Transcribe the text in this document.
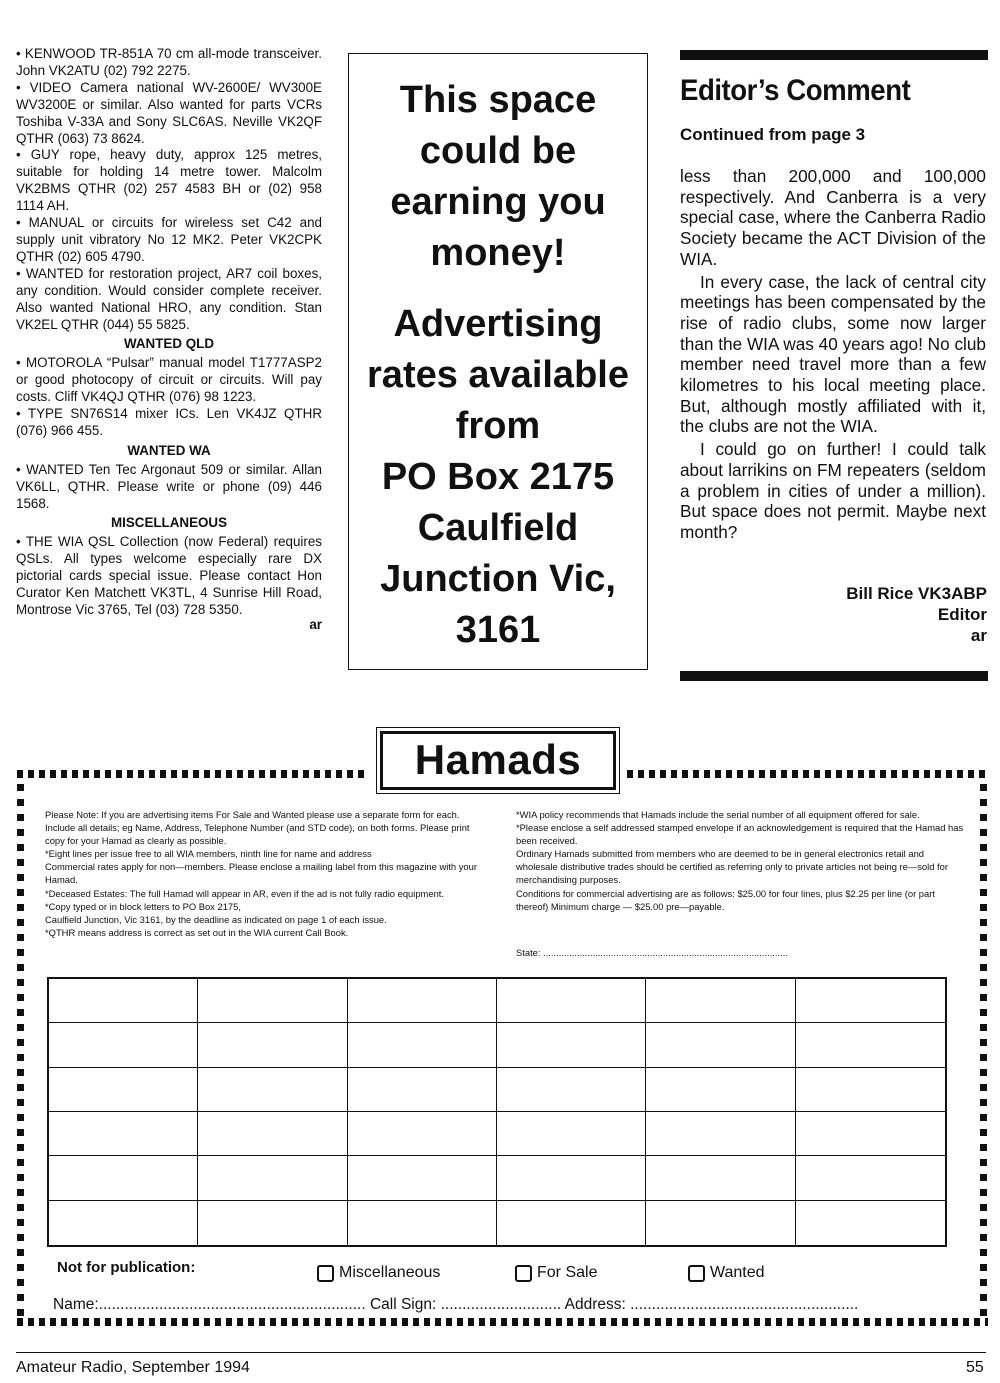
• KENWOOD TR-851A 70 cm all-mode transceiver. John VK2ATU (02) 792 2275.

• VIDEO Camera national WV-2600E/ WV300E WV3200E or similar. Also wanted for parts VCRs Toshiba V-33A and Sony SLC6AS. Neville VK2QF QTHR (063) 73 8624.

• GUY rope, heavy duty, approx 125 metres, suitable for holding 14 metre tower. Malcolm VK2BMS QTHR (02) 257 4583 BH or (02) 958 1114 AH.

• MANUAL or circuits for wireless set C42 and supply unit vibratory No 12 MK2. Peter VK2CPK QTHR (02) 605 4790.

• WANTED for restoration project, AR7 coil boxes, any condition. Would consider complete receiver. Also wanted National HRO, any condition. Stan VK2EL QTHR (044) 55 5825.

WANTED QLD

• MOTOROLA “Pulsar” manual model T1777ASP2 or good photocopy of circuit or circuits. Will pay costs. Cliff VK4QJ QTHR (076) 98 1223.

• TYPE SN76S14 mixer ICs. Len VK4JZ QTHR (076) 966 455.

WANTED WA

• WANTED Ten Tec Argonaut 509 or similar. Allan VK6LL, QTHR. Please write or phone (09) 446 1568.

MISCELLANEOUS

• THE WIA QSL Collection (now Federal) requires QSLs. All types welcome especially rare DX pictorial cards special issue. Please contact Hon Curator Ken Matchett VK3TL, 4 Sunrise Hill Road, Montrose Vic 3765, Tel (03) 728 5350.

ar

This space

could be

earning you

money!

Advertising

rates available

from

PO Box 2175

Caulfield

Junction Vic,

3161

Editor’s Comment
Continued from page 3

less than 200,000 and 100,000 respectively. And Canberra is a very special case, where the Canberra Radio Society became the ACT Division of the WIA.

In every case, the lack of central city meetings has been compensated by the rise of radio clubs, some now larger than the WIA was 40 years ago! No club member need travel more than a few kilometres to his local meeting place. But, although mostly affiliated with it, the clubs are not the WIA.

I could go on further! I could talk about larrikins on FM repeaters (seldom a problem in cities of under a million). But space does not permit. Maybe next month?

Bill Rice VK3ABP
Editor
ar
Hamads

Please Note: If you are advertising items For Sale and Wanted please use a separate form for each. Include all details; eg Name, Address, Telephone Number (and STD code), on both forms. Please print copy for your Hamad as clearly as possible.

*Eight lines per issue free to all WIA members, ninth line for name and address

Commercial rates apply for non—members. Please enclose a mailing label from this magazine with your Hamad.

*Deceased Estates: The full Hamad will appear in AR, even if the ad is not fully radio equipment.

*Copy typed or in block letters to PO Box 2175,

Caulfield Junction, Vic 3161, by the deadline as indicated on page 1 of each issue.

*QTHR means address is correct as set out in the WIA current Call Book.

*WIA policy recommends that Hamads include the serial number of all equipment offered for sale.

*Please enclose a self addressed stamped envelope if an acknowledgement is required that the Hamad has been received.

Ordinary Hamads submitted from members who are deemed to be in general electronics retail and wholesale distributive trades should be certified as referring only to private articles not being re—sold for merchandising purposes.

Conditions for commercial advertising are as follows: $25.00 for four lines, plus $2.25 per line (or part thereof) Minimum charge — $25.00 pre—payable.

State: ..............................................................................................
Not for publication:	Miscellaneous	For Sale	Wanted
Name:.............................................................. Call Sign: ............................ Address: .....................................................
Amateur Radio, September 1994	55
